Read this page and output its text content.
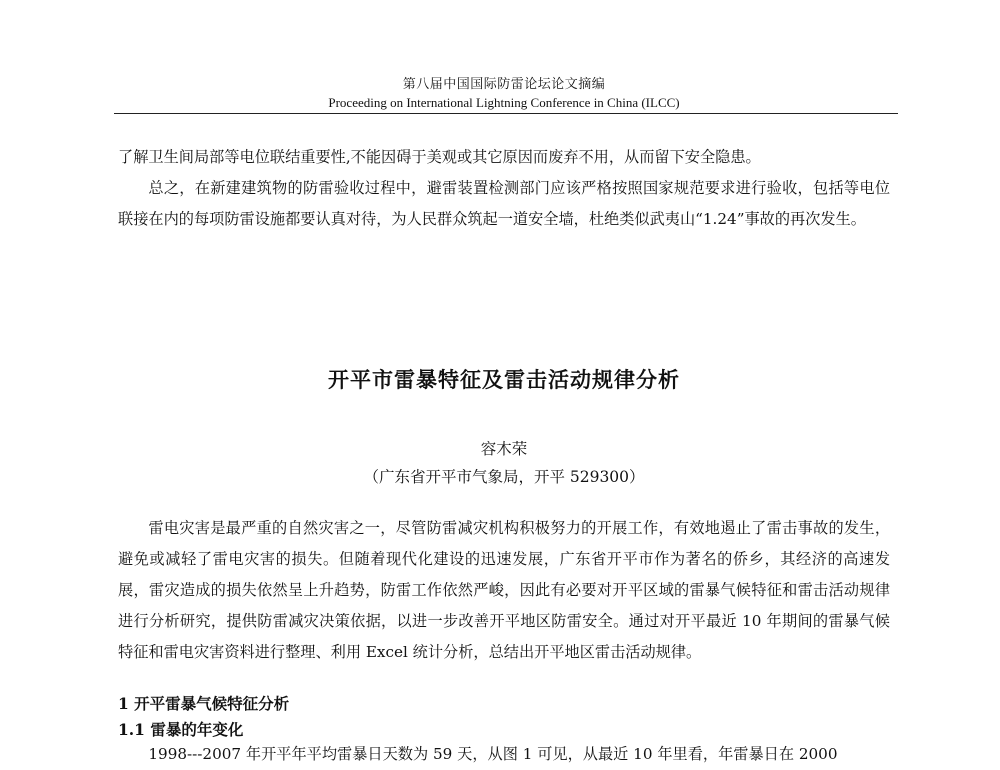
第八届中国国际防雷论坛论文摘编
Proceeding on International Lightning Conference in China (ILCC)

了解卫生间局部等电位联结重要性,不能因碍于美观或其它原因而废弃不用，从而留下安全隐患。

总之，在新建建筑物的防雷验收过程中，避雷装置检测部门应该严格按照国家规范要求进行验收，包括等电位联接在内的每项防雷设施都要认真对待，为人民群众筑起一道安全墙，杜绝类似武夷山“1.24”事故的再次发生。

开平市雷暴特征及雷击活动规律分析
容木荣
（广东省开平市气象局，开平 529300）

雷电灾害是最严重的自然灾害之一，尽管防雷减灾机构积极努力的开展工作，有效地遏止了雷击事故的发生，避免或减轻了雷电灾害的损失。但随着现代化建设的迅速发展，广东省开平市作为著名的侨乡，其经济的高速发展，雷灾造成的损失依然呈上升趋势，防雷工作依然严峻，因此有必要对开平区域的雷暴气候特征和雷击活动规律进行分析研究，提供防雷减灾决策依据，以进一步改善开平地区防雷安全。通过对开平最近 10 年期间的雷暴气候特征和雷电灾害资料进行整理、利用 Excel 统计分析，总结出开平地区雷击活动规律。

1 开平雷暴气候特征分析

1.1 雷暴的年变化

1998---2007 年开平年平均雷暴日天数为 59 天，从图 1 可见，从最近 10 年里看，年雷暴日在 2000
